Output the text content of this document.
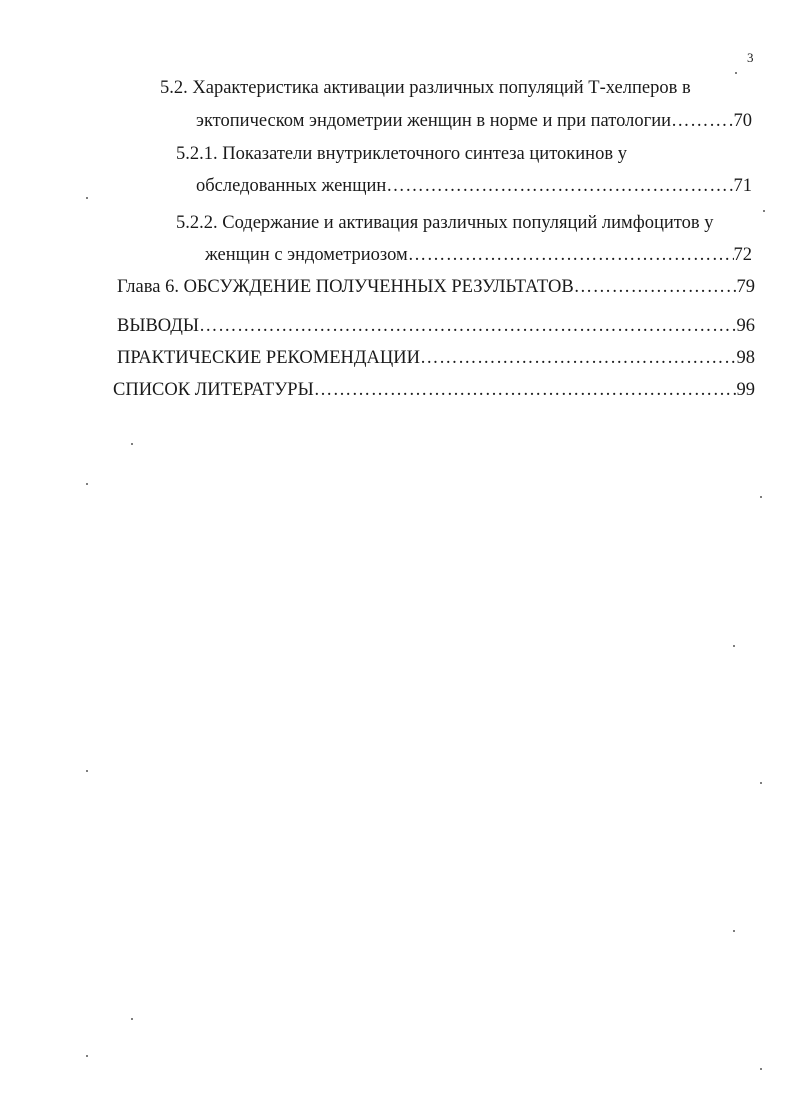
3
5.2. Характеристика активации различных популяций Т-хелперов в
эктопическом эндометрии женщин в норме и при патологии …………………………………………………………………………………………………………………………………………………………………………………………	70
5.2.1. Показатели внутриклеточного синтеза цитокинов у
обследованных женщин …………………………………………………………………………………………………………………………………………………………………………………………	71
5.2.2. Содержание и активация различных популяций лимфоцитов у
женщин с эндометриозом …………………………………………………………………………………………………………………………………………………………………………………………	72
Глава 6. ОБСУЖДЕНИЕ ПОЛУЧЕННЫХ РЕЗУЛЬТАТОВ …………………………………………………………………………………………………………………………………………………………………………………………	79
ВЫВОДЫ …………………………………………………………………………………………………………………………………………………………………………………………	96
ПРАКТИЧЕСКИЕ РЕКОМЕНДАЦИИ …………………………………………………………………………………………………………………………………………………………………………………………	98
СПИСОК ЛИТЕРАТУРЫ …………………………………………………………………………………………………………………………………………………………………………………………	99
